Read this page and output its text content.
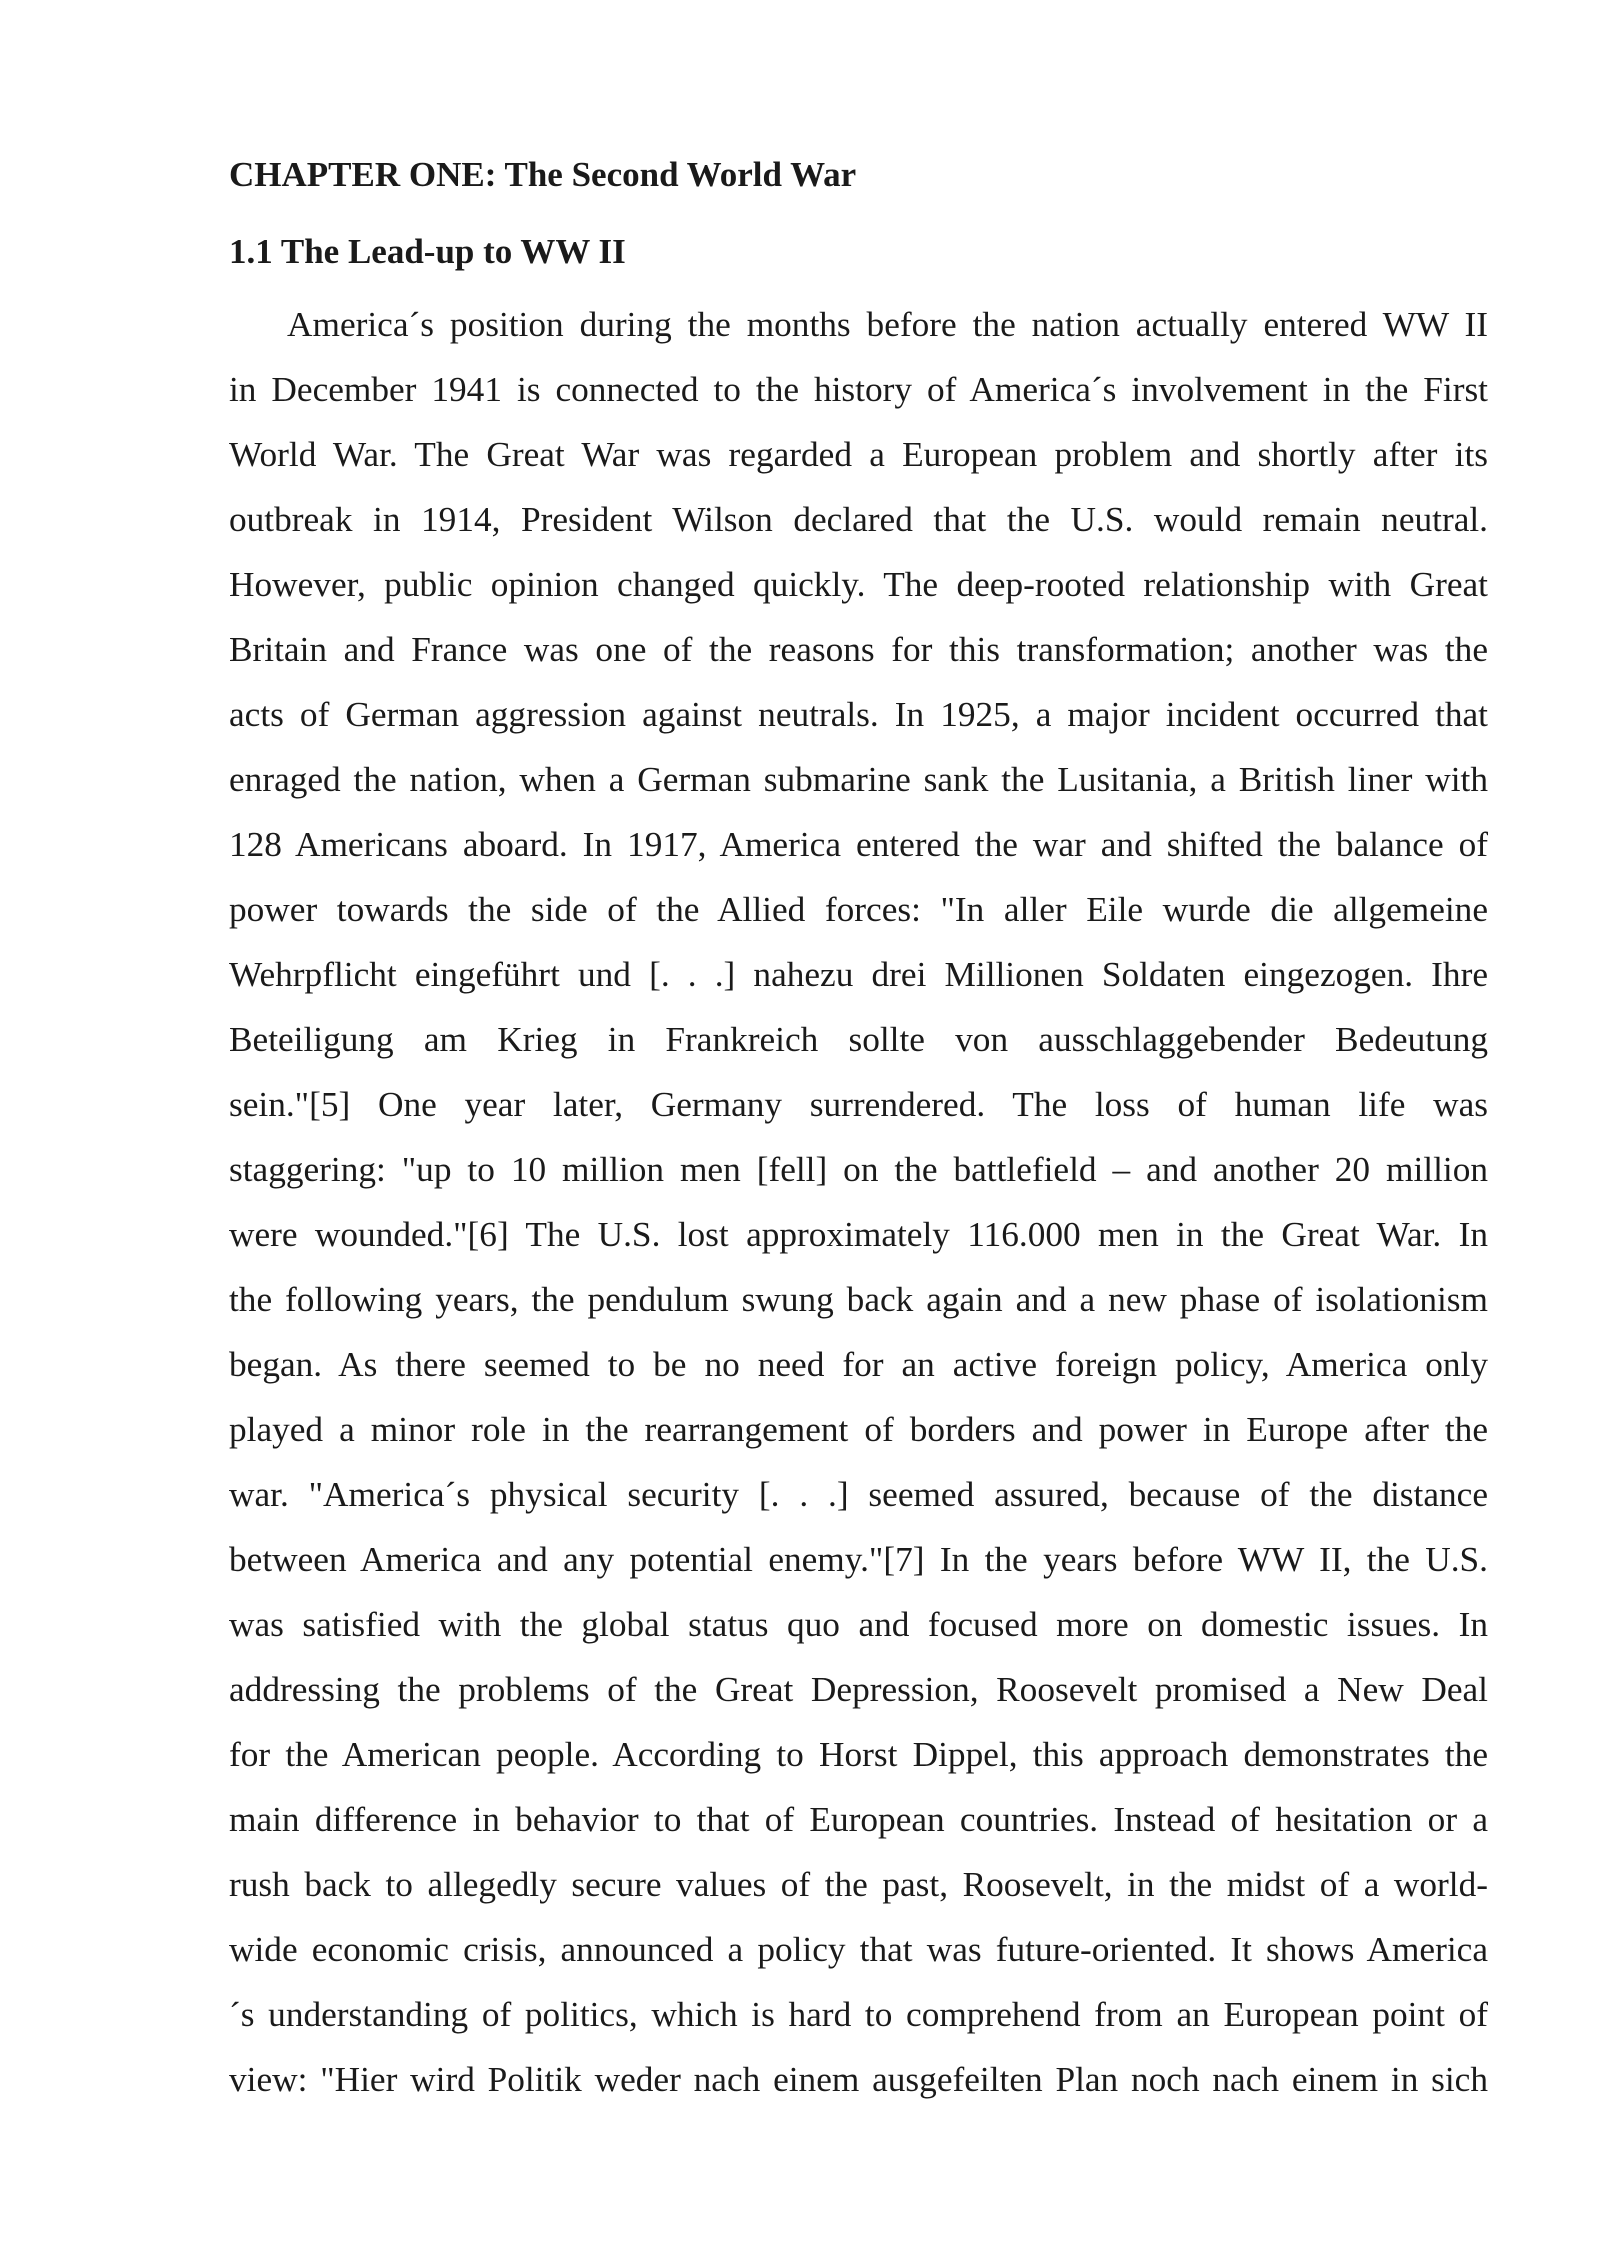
CHAPTER ONE: The Second World War
1.1 The Lead-up to WW II
America´s position during the months before the nation actually entered WW II
in December 1941 is connected to the history of America´s involvement in the First
World War. The Great War was regarded a European problem and shortly after its
outbreak in 1914, President Wilson declared that the U.S. would remain neutral.
However, public opinion changed quickly. The deep-rooted relationship with Great
Britain and France was one of the reasons for this transformation; another was the
acts of German aggression against neutrals. In 1925, a major incident occurred that
enraged the nation, when a German submarine sank the Lusitania, a British liner with
128 Americans aboard. In 1917, America entered the war and shifted the balance of
power towards the side of the Allied forces: "In aller Eile wurde die allgemeine
Wehrpflicht eingeführt und [. . .] nahezu drei Millionen Soldaten eingezogen. Ihre
Beteiligung am Krieg in Frankreich sollte von ausschlaggebender Bedeutung
sein."[5] One year later, Germany surrendered. The loss of human life was
staggering: "up to 10 million men [fell] on the battlefield – and another 20 million
were wounded."[6] The U.S. lost approximately 116.000 men in the Great War. In
the following years, the pendulum swung back again and a new phase of isolationism
began. As there seemed to be no need for an active foreign policy, America only
played a minor role in the rearrangement of borders and power in Europe after the
war. "America´s physical security [. . .] seemed assured, because of the distance
between America and any potential enemy."[7] In the years before WW II, the U.S.
was satisfied with the global status quo and focused more on domestic issues. In
addressing the problems of the Great Depression, Roosevelt promised a New Deal
for the American people. According to Horst Dippel, this approach demonstrates the
main difference in behavior to that of European countries. Instead of hesitation or a
rush back to allegedly secure values of the past, Roosevelt, in the midst of a world-
wide economic crisis, announced a policy that was future-oriented. It shows America
´s understanding of politics, which is hard to comprehend from an European point of
view: "Hier wird Politik weder nach einem ausgefeilten Plan noch nach einem in sich
